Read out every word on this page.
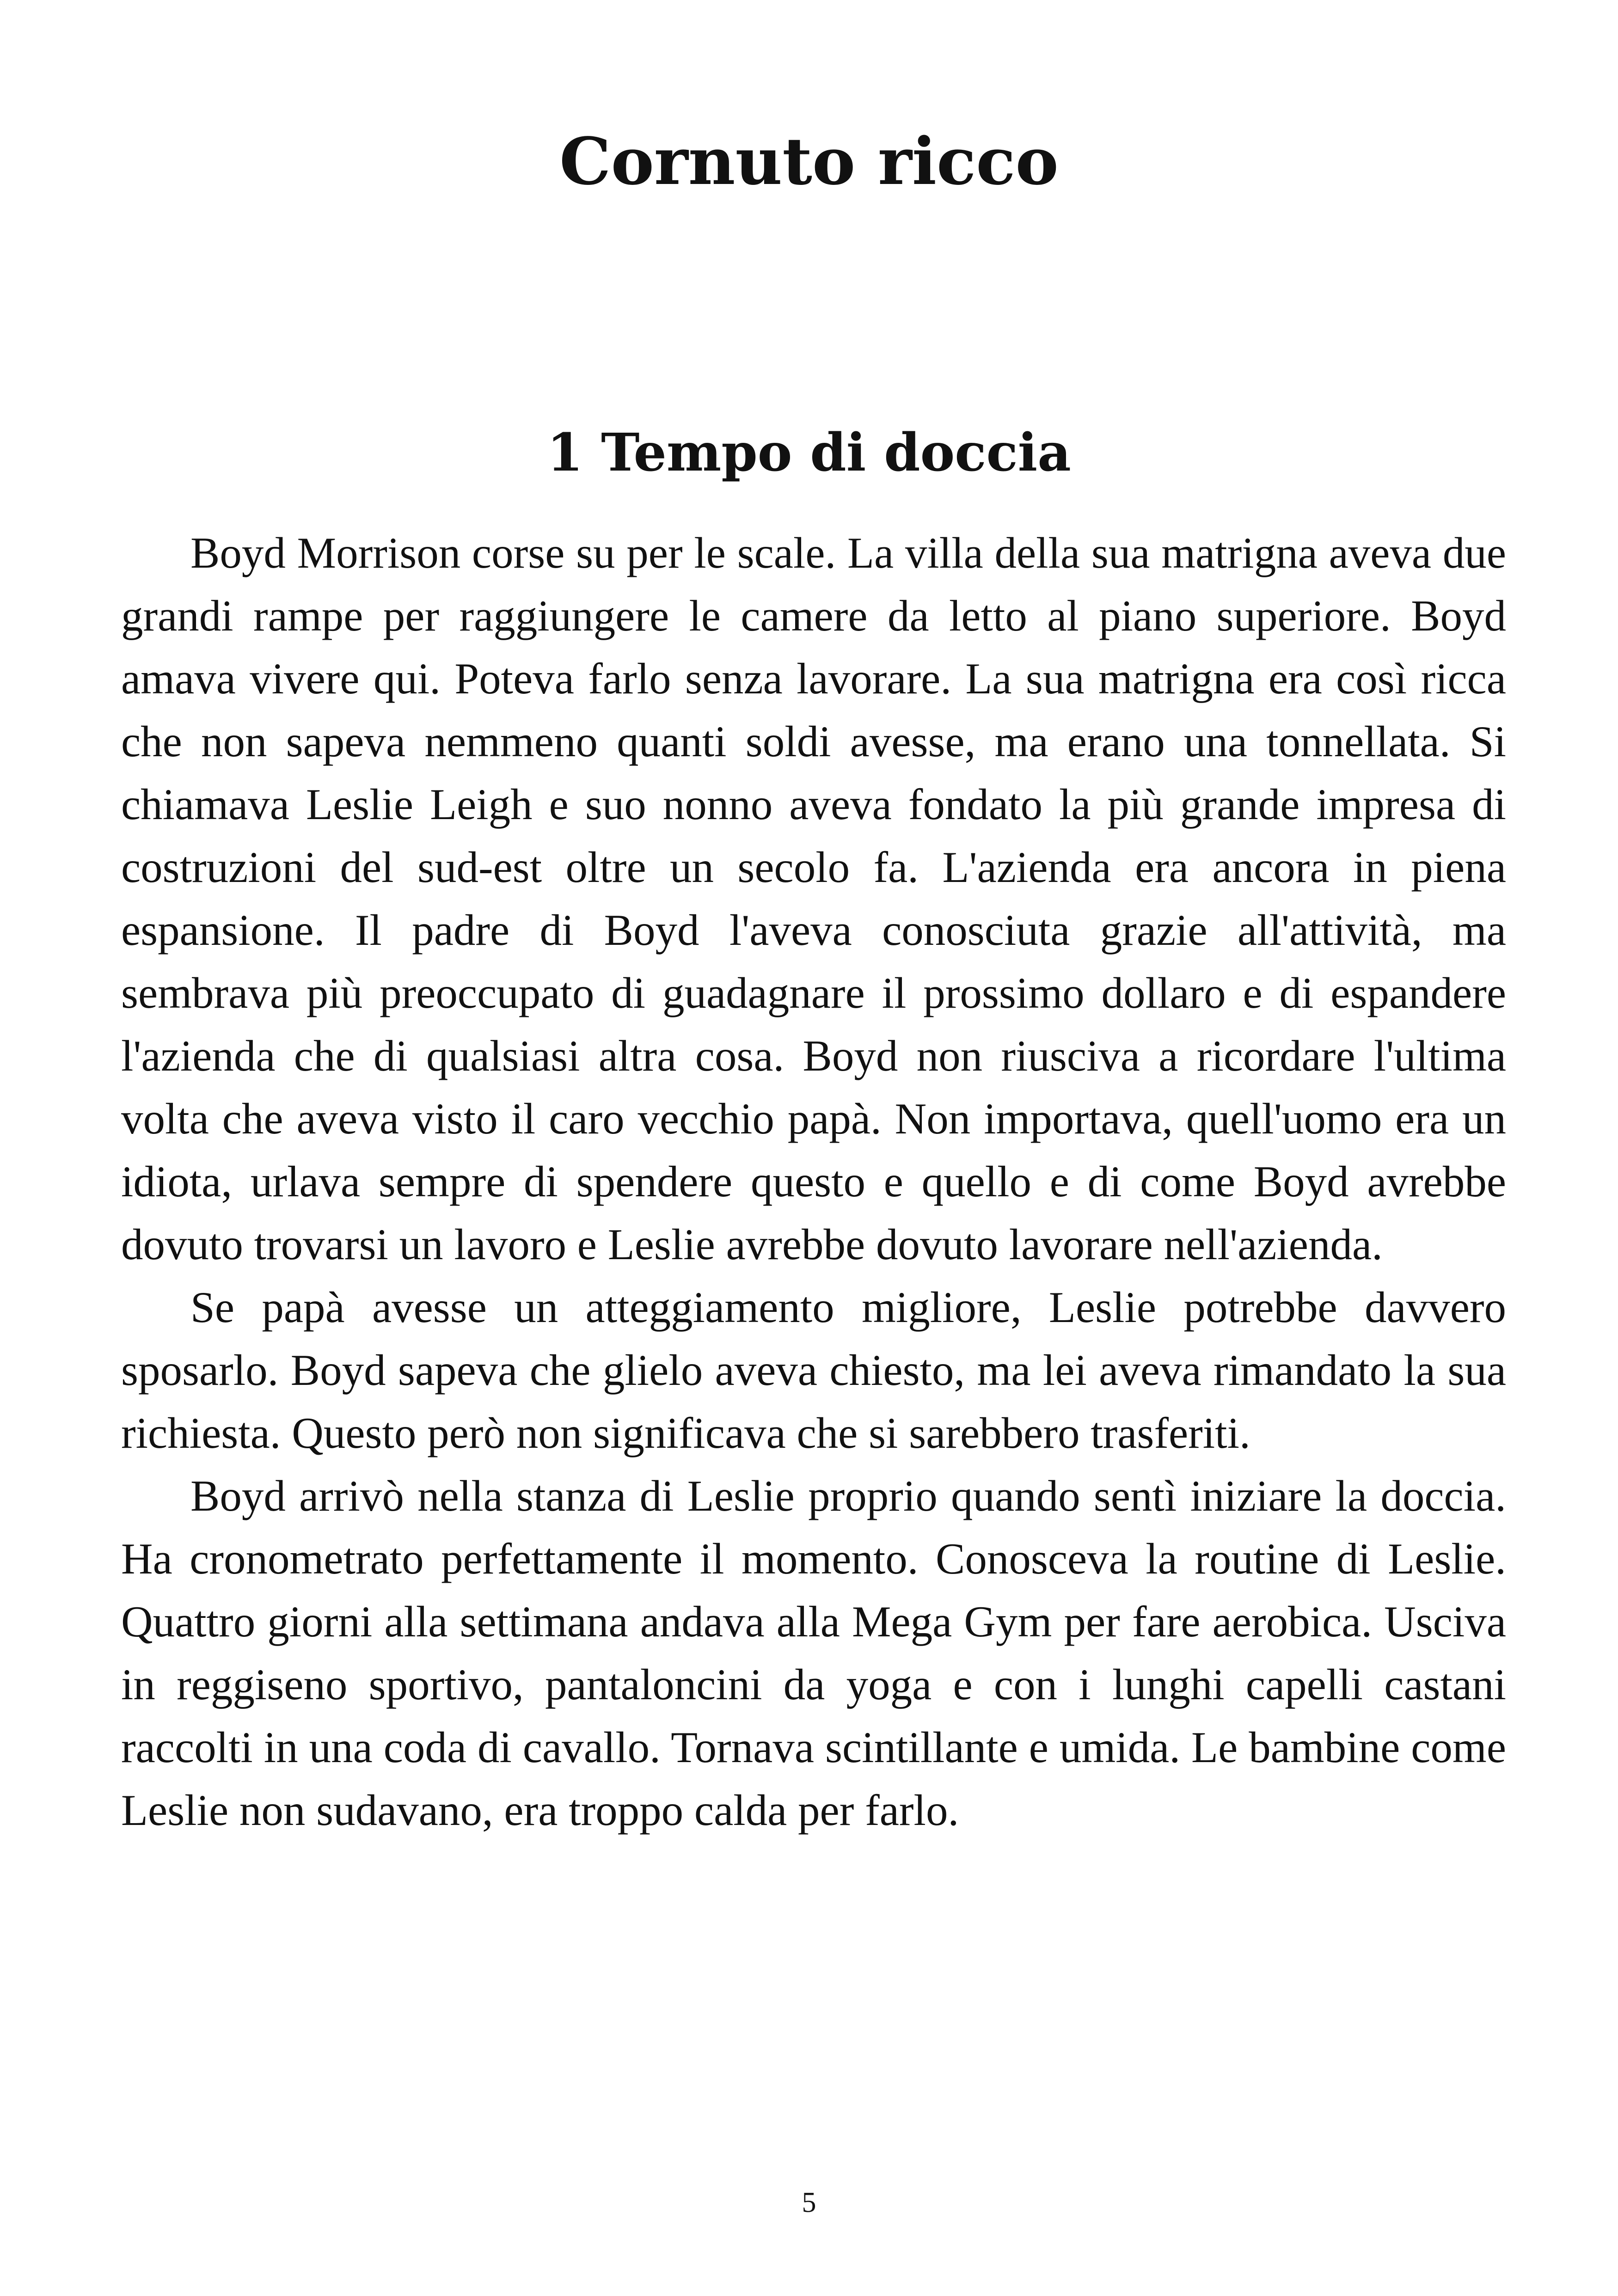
Cornuto ricco
1 Tempo di doccia

Boyd Morrison corse su per le scale. La villa della sua matrigna aveva due grandi rampe per raggiungere le camere da letto al piano superiore. Boyd amava vivere qui. Poteva farlo senza lavorare. La sua matrigna era così ricca che non sapeva nemmeno quanti soldi avesse, ma erano una tonnellata. Si chiamava Leslie Leigh e suo nonno aveva fondato la più grande impresa di costruzioni del sud-est oltre un secolo fa. L'azienda era ancora in piena espansione. Il padre di Boyd l'aveva conosciuta grazie all'attività, ma sembrava più preoccupato di guadagnare il prossimo dollaro e di espandere l'azienda che di qualsiasi altra cosa. Boyd non riusciva a ricordare l'ultima volta che aveva visto il caro vecchio papà. Non importava, quell'uomo era un idiota, urlava sempre di spendere questo e quello e di come Boyd avrebbe dovuto trovarsi un lavoro e Leslie avrebbe dovuto lavorare nell'azienda.

Se papà avesse un atteggiamento migliore, Leslie potrebbe davvero sposarlo. Boyd sapeva che glielo aveva chiesto, ma lei aveva rimandato la sua richiesta. Questo però non significava che si sarebbero trasferiti.

Boyd arrivò nella stanza di Leslie proprio quando sentì iniziare la doccia. Ha cronometrato perfettamente il momento. Conosceva la routine di Leslie. Quattro giorni alla settimana andava alla Mega Gym per fare aerobica. Usciva in reggiseno sportivo, pantaloncini da yoga e con i lunghi capelli castani raccolti in una coda di cavallo. Tornava scintillante e umida. Le bambine come Leslie non sudavano, era troppo calda per farlo.

5
